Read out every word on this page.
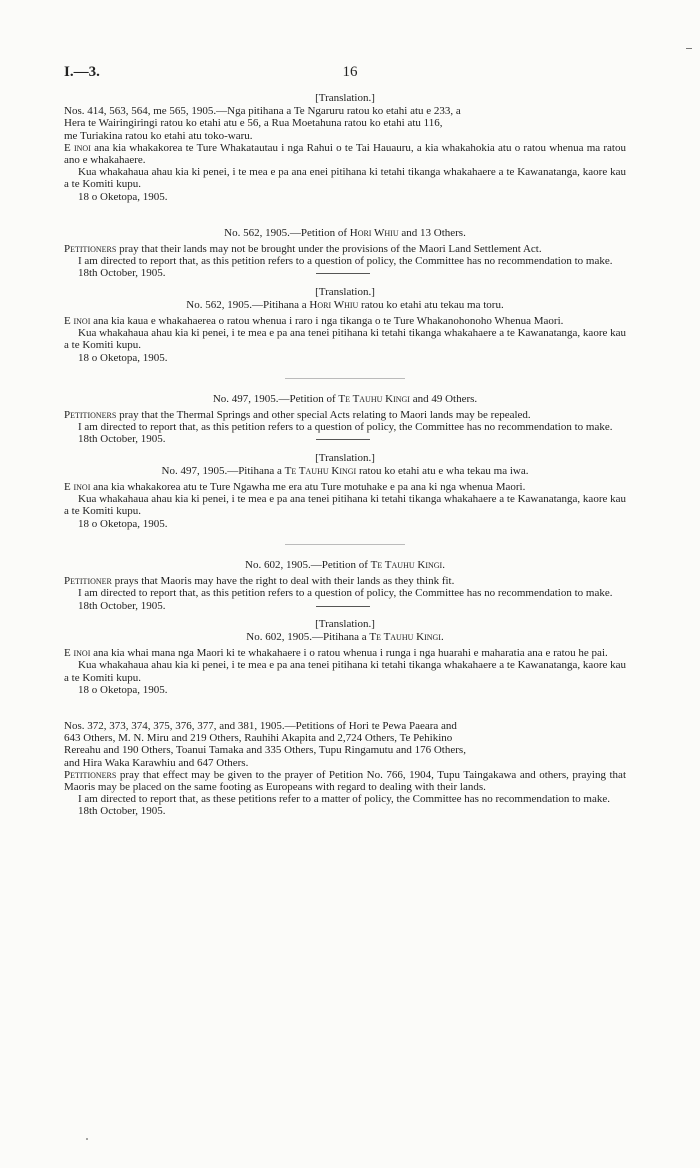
I.—3.	16

[Translation.]

Nos. 414, 563, 564, me 565, 1905.—Nga pitihana a Te Ngaruru ratou ko etahi atu e 233, a
Hera te Wairingiringi ratou ko etahi atu e 56, a Rua Moetahuna ratou ko etahi atu 116,
me Turiakina ratou ko etahi atu toko-waru.

E inoi ana kia whakakorea te Ture Whakatautau i nga Rahui o te Tai Hauauru, a kia whakahokia atu o ratou whenua ma ratou ano e whakahaere.

Kua whakahaua ahau kia ki penei, i te mea e pa ana enei pitihana ki tetahi tikanga whakahaere a te Kawanatanga, kaore kau a te Komiti kupu.

18 o Oketopa, 1905.

No. 562, 1905.—Petition of Hori Whiu and 13 Others.

Petitioners pray that their lands may not be brought under the provisions of the Maori Land Settlement Act.

I am directed to report that, as this petition refers to a question of policy, the Committee has no recommendation to make.

18th October, 1905.

[Translation.]

No. 562, 1905.—Pitihana a Hori Whiu ratou ko etahi atu tekau ma toru.

E inoi ana kia kaua e whakahaerea o ratou whenua i raro i nga tikanga o te Ture Whakanohonoho Whenua Maori.

Kua whakahaua ahau kia ki penei, i te mea e pa ana tenei pitihana ki tetahi tikanga whakahaere a te Kawanatanga, kaore kau a te Komiti kupu.

18 o Oketopa, 1905.

No. 497, 1905.—Petition of Te Tauhu Kingi and 49 Others.

Petitioners pray that the Thermal Springs and other special Acts relating to Maori lands may be repealed.

I am directed to report that, as this petition refers to a question of policy, the Committee has no recommendation to make.

18th October, 1905.

[Translation.]

No. 497, 1905.—Pitihana a Te Tauhu Kingi ratou ko etahi atu e wha tekau ma iwa.

E inoi ana kia whakakorea atu te Ture Ngawha me era atu Ture motuhake e pa ana ki nga whenua Maori.

Kua whakahaua ahau kia ki penei, i te mea e pa ana tenei pitihana ki tetahi tikanga whakahaere a te Kawanatanga, kaore kau a te Komiti kupu.

18 o Oketopa, 1905.

No. 602, 1905.—Petition of Te Tauhu Kingi.

Petitioner prays that Maoris may have the right to deal with their lands as they think fit.

I am directed to report that, as this petition refers to a question of policy, the Committee has no recommendation to make.

18th October, 1905.

[Translation.]

No. 602, 1905.—Pitihana a Te Tauhu Kingi.

E inoi ana kia whai mana nga Maori ki te whakahaere i o ratou whenua i runga i nga huarahi e maharatia ana e ratou he pai.

Kua whakahaua ahau kia ki penei, i te mea e pa ana tenei pitihana ki tetahi tikanga whakahaere a te Kawanatanga, kaore kau a te Komiti kupu.

18 o Oketopa, 1905.

Nos. 372, 373, 374, 375, 376, 377, and 381, 1905.—Petitions of Hori te Pewa Paeara and
643 Others, M. N. Miru and 219 Others, Rauhihi Akapita and 2,724 Others, Te Pehikino
Rereahu and 190 Others, Toanui Tamaka and 335 Others, Tupu Ringamutu and 176 Others,
and Hira Waka Karawhiu and 647 Others.

Petitioners pray that effect may be given to the prayer of Petition No. 766, 1904, Tupu Taingakawa and others, praying that Maoris may be placed on the same footing as Europeans with regard to dealing with their lands.

I am directed to report that, as these petitions refer to a matter of policy, the Committee has no recommendation to make.

18th October, 1905.
